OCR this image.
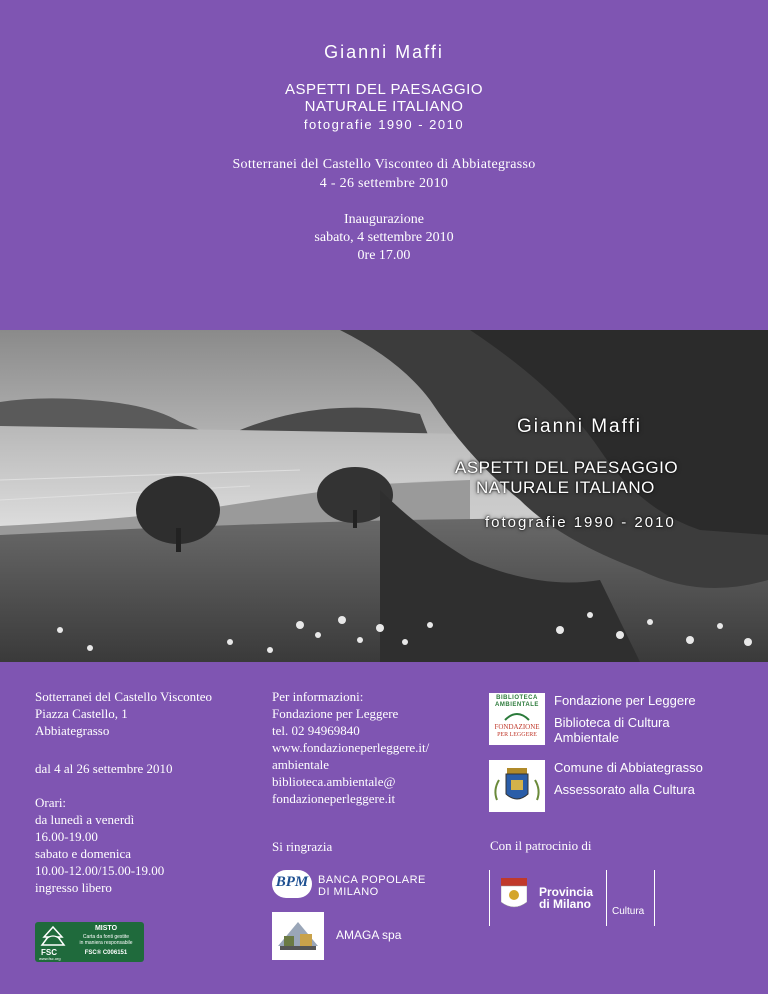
Gianni Maffi
ASPETTI DEL PAESAGGIO
NATURALE ITALIANO
fotografie 1990 - 2010
Sotterranei del Castello Visconteo di Abbiategrasso
4 - 26 settembre 2010
Inaugurazione
sabato, 4 settembre 2010
0re 17.00
Gianni Maffi
ASPETTI DEL PAESAGGIO
NATURALE ITALIANO
fotografie 1990 - 2010
Sotterranei del Castello Visconteo
Piazza Castello, 1
Abbiategrasso
dal 4 al 26 settembre 2010
Orari:
da lunedì a venerdì
16.00-19.00
sabato e domenica
10.00-12.00/15.00-19.00
ingresso libero
FSC
www.fsc.org
MISTO
Carta da fonti gestite
in maniera responsabile
FSC® C006151
Per informazioni:
Fondazione per Leggere
tel. 02 94969840
www.fondazioneperleggere.it/
ambientale
biblioteca.ambientale@
fondazioneperleggere.it
Si ringrazia
BPM BANCA POPOLARE
DI MILANO
AMAGA spa
BIBLIOTECA
AMBIENTALE
FONDAZIONE
PER LEGGERE
Fondazione per Leggere
Biblioteca di Cultura
Ambientale
Comune di Abbiategrasso
Assessorato alla Cultura
Con il patrocinio di
Provincia
di Milano
Cultura
